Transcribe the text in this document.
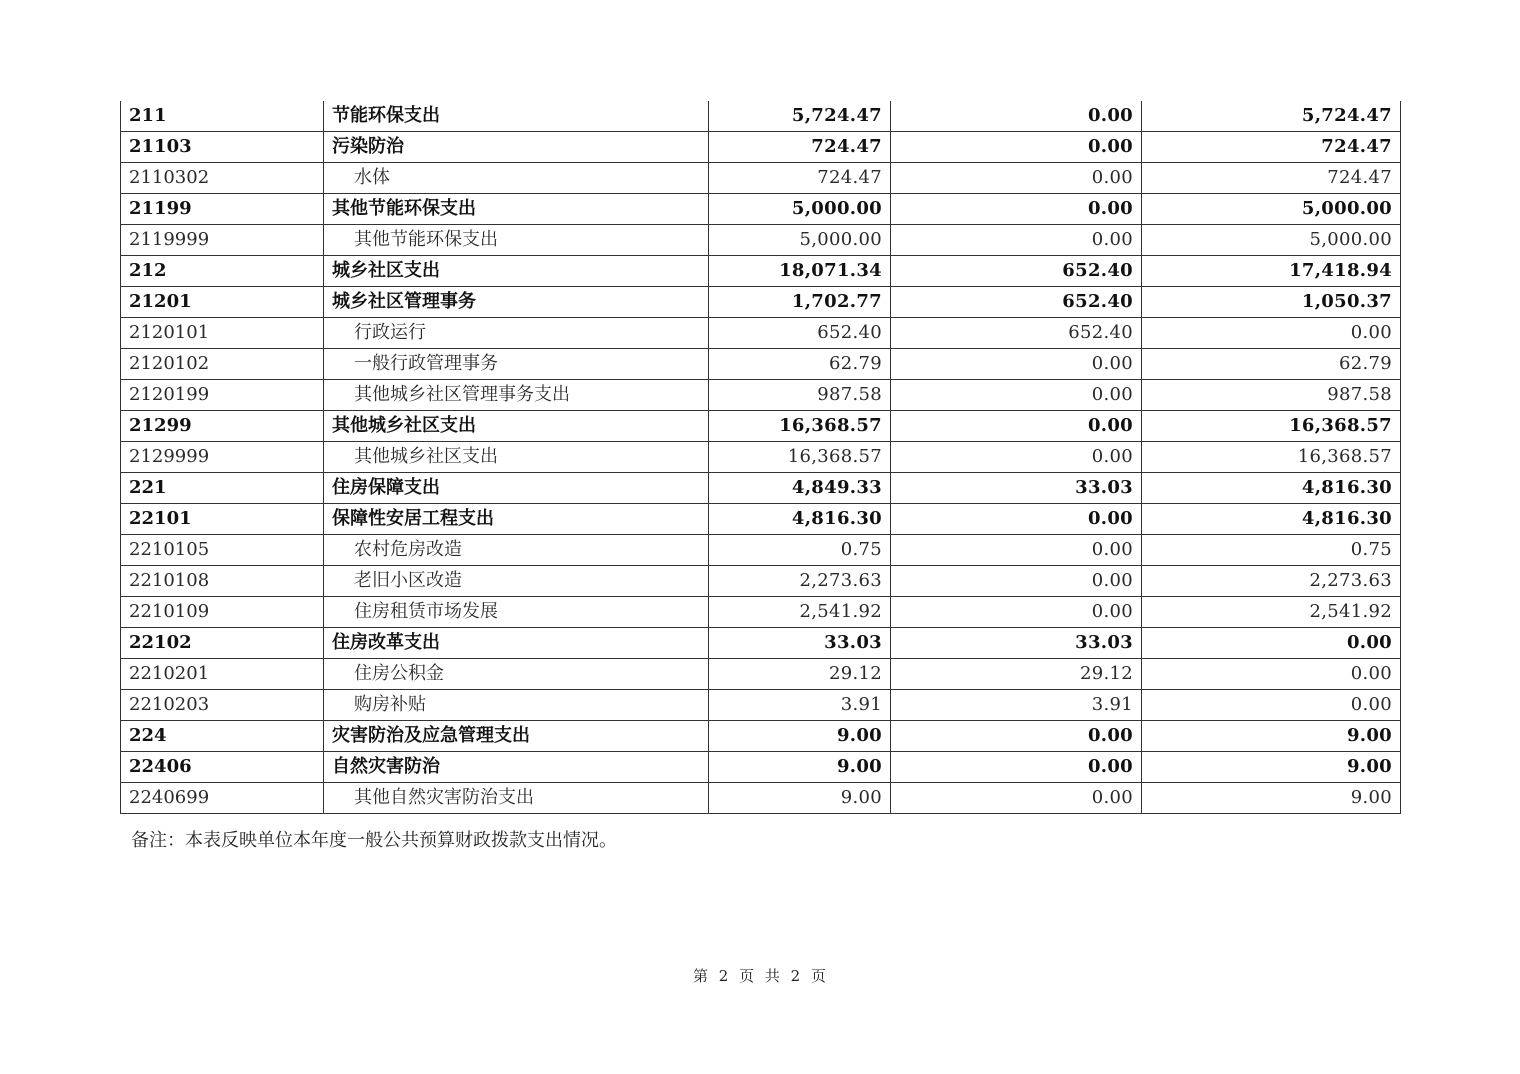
211	节能环保支出	5,724.47	0.00	5,724.47
21103	污染防治	724.47	0.00	724.47
2110302	水体	724.47	0.00	724.47
21199	其他节能环保支出	5,000.00	0.00	5,000.00
2119999	其他节能环保支出	5,000.00	0.00	5,000.00
212	城乡社区支出	18,071.34	652.40	17,418.94
21201	城乡社区管理事务	1,702.77	652.40	1,050.37
2120101	行政运行	652.40	652.40	0.00
2120102	一般行政管理事务	62.79	0.00	62.79
2120199	其他城乡社区管理事务支出	987.58	0.00	987.58
21299	其他城乡社区支出	16,368.57	0.00	16,368.57
2129999	其他城乡社区支出	16,368.57	0.00	16,368.57
221	住房保障支出	4,849.33	33.03	4,816.30
22101	保障性安居工程支出	4,816.30	0.00	4,816.30
2210105	农村危房改造	0.75	0.00	0.75
2210108	老旧小区改造	2,273.63	0.00	2,273.63
2210109	住房租赁市场发展	2,541.92	0.00	2,541.92
22102	住房改革支出	33.03	33.03	0.00
2210201	住房公积金	29.12	29.12	0.00
2210203	购房补贴	3.91	3.91	0.00
224	灾害防治及应急管理支出	9.00	0.00	9.00
22406	自然灾害防治	9.00	0.00	9.00
2240699	其他自然灾害防治支出	9.00	0.00	9.00
备注：本表反映单位本年度一般公共预算财政拨款支出情况。
第 2 页 共 2 页
